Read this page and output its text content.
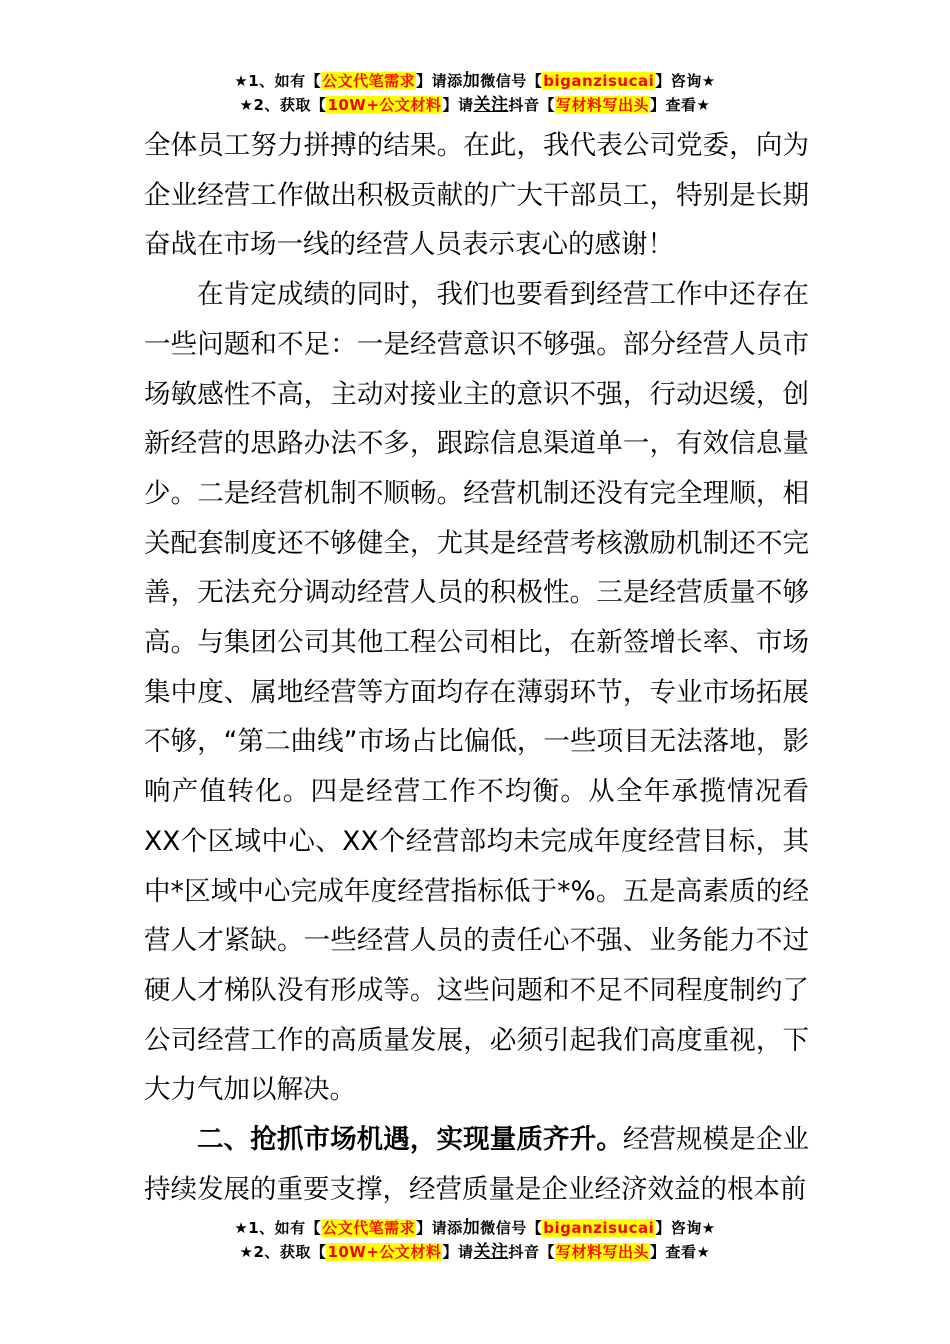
★1、如有【公文代笔需求】请添加微信号【biganzisucai】咨询★
★2、获取【10W+公文材料】请关注抖音【写材料写出头】查看★

全体员工努力拼搏的结果。在此，我代表公司党委，向为企业经营工作做出积极贡献的广大干部员工，特别是长期奋战在市场一线的经营人员表示衷心的感谢！

在肯定成绩的同时，我们也要看到经营工作中还存在一些问题和不足：一是经营意识不够强。部分经营人员市场敏感性不高，主动对接业主的意识不强，行动迟缓，创新经营的思路办法不多，跟踪信息渠道单一，有效信息量少。二是经营机制不顺畅。经营机制还没有完全理顺，相关配套制度还不够健全，尤其是经营考核激励机制还不完善，无法充分调动经营人员的积极性。三是经营质量不够高。与集团公司其他工程公司相比，在新签增长率、市场集中度、属地经营等方面均存在薄弱环节，专业市场拓展不够，“第二曲线”市场占比偏低，一些项目无法落地，影响产值转化。四是经营工作不均衡。从全年承揽情况看XX个区域中心、XX个经营部均未完成年度经营目标，其中*区域中心完成年度经营指标低于*%。五是高素质的经营人才紧缺。一些经营人员的责任心不强、业务能力不过硬人才梯队没有形成等。这些问题和不足不同程度制约了公司经营工作的高质量发展，必须引起我们高度重视，下大力气加以解决。

二、抢抓市场机遇，实现量质齐升。经营规模是企业持续发展的重要支撑，经营质量是企业经济效益的根本前

★1、如有【公文代笔需求】请添加微信号【biganzisucai】咨询★
★2、获取【10W+公文材料】请关注抖音【写材料写出头】查看★
